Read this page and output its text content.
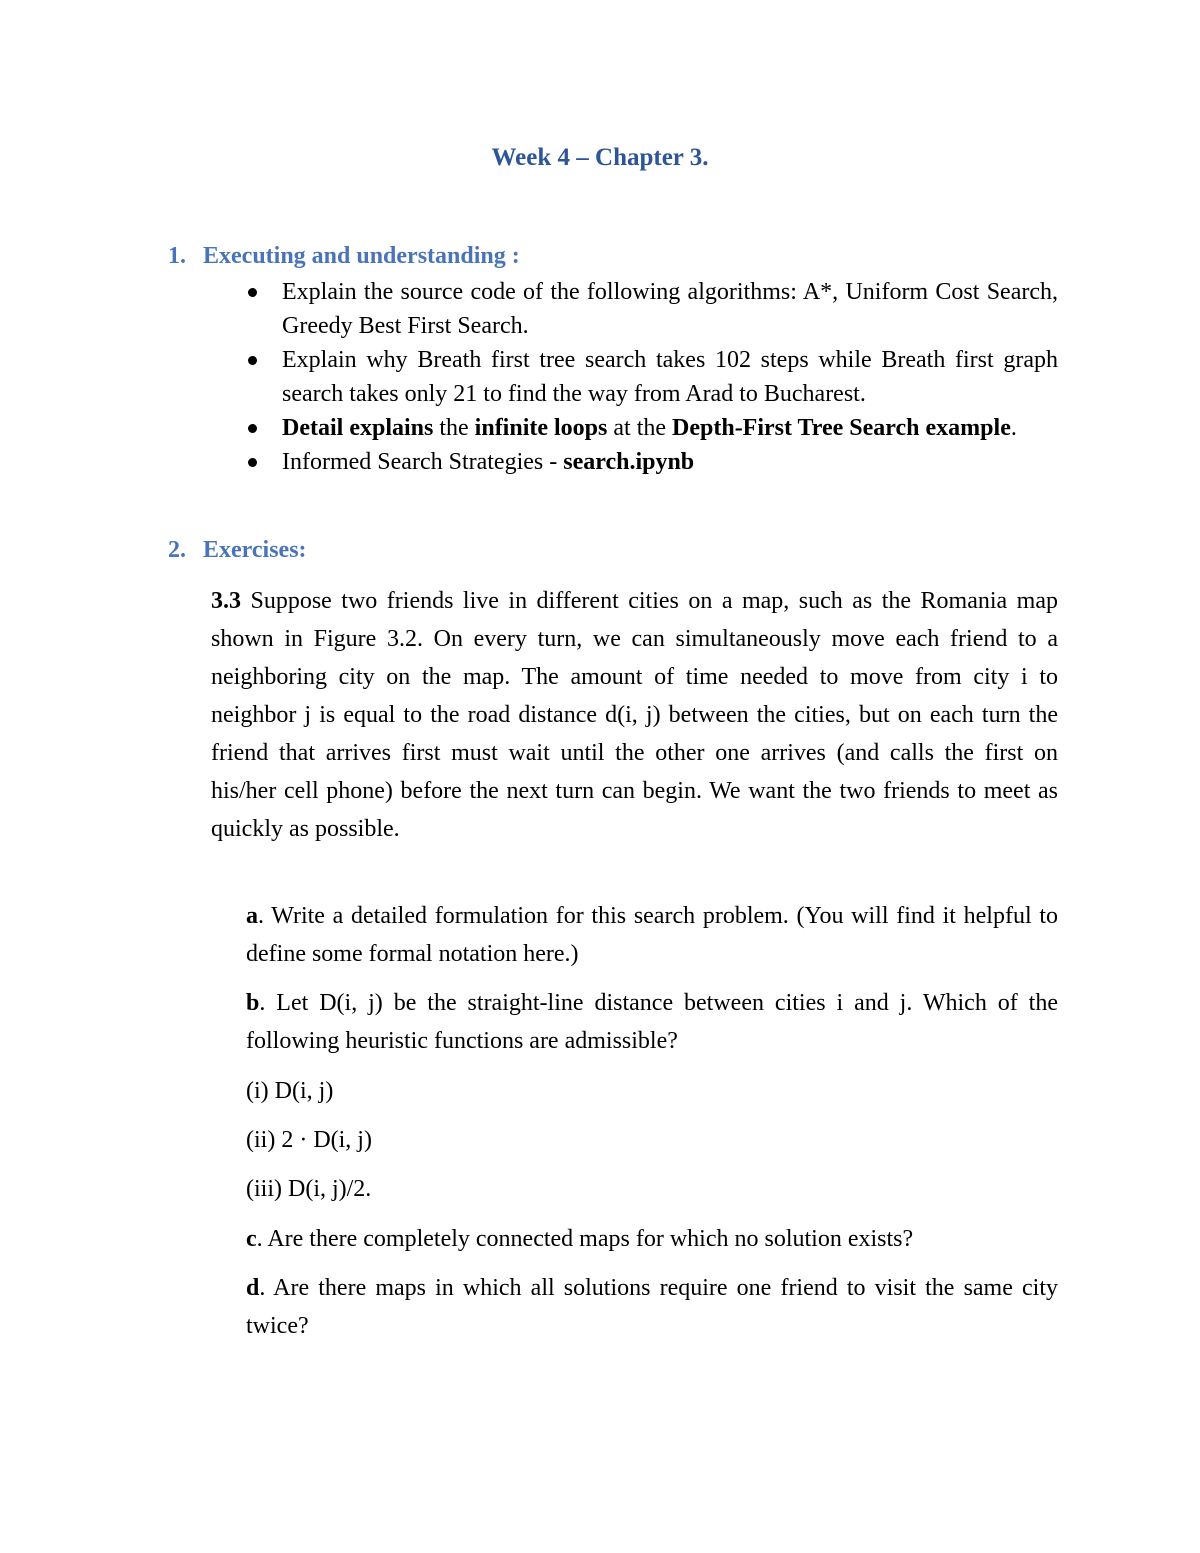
Week 4 – Chapter 3.
1. Executing and understanding :
Explain the source code of the following algorithms: A*, Uniform Cost Search, Greedy Best First Search.
Explain why Breath first tree search takes 102 steps while Breath first graph search takes only 21 to find the way from Arad to Bucharest.
Detail explains the infinite loops at the Depth-First Tree Search example.
Informed Search Strategies - search.ipynb
2. Exercises:

3.3 Suppose two friends live in different cities on a map, such as the Romania map shown in Figure 3.2. On every turn, we can simultaneously move each friend to a neighboring city on the map. The amount of time needed to move from city i to neighbor j is equal to the road distance d(i, j) between the cities, but on each turn the friend that arrives first must wait until the other one arrives (and calls the first on his/her cell phone) before the next turn can begin. We want the two friends to meet as quickly as possible.

a. Write a detailed formulation for this search problem. (You will find it helpful to define some formal notation here.)

b. Let D(i, j) be the straight-line distance between cities i and j. Which of the following heuristic functions are admissible?

(i) D(i, j)

(ii) 2 · D(i, j)

(iii) D(i, j)/2.

c. Are there completely connected maps for which no solution exists?

d. Are there maps in which all solutions require one friend to visit the same city twice?
